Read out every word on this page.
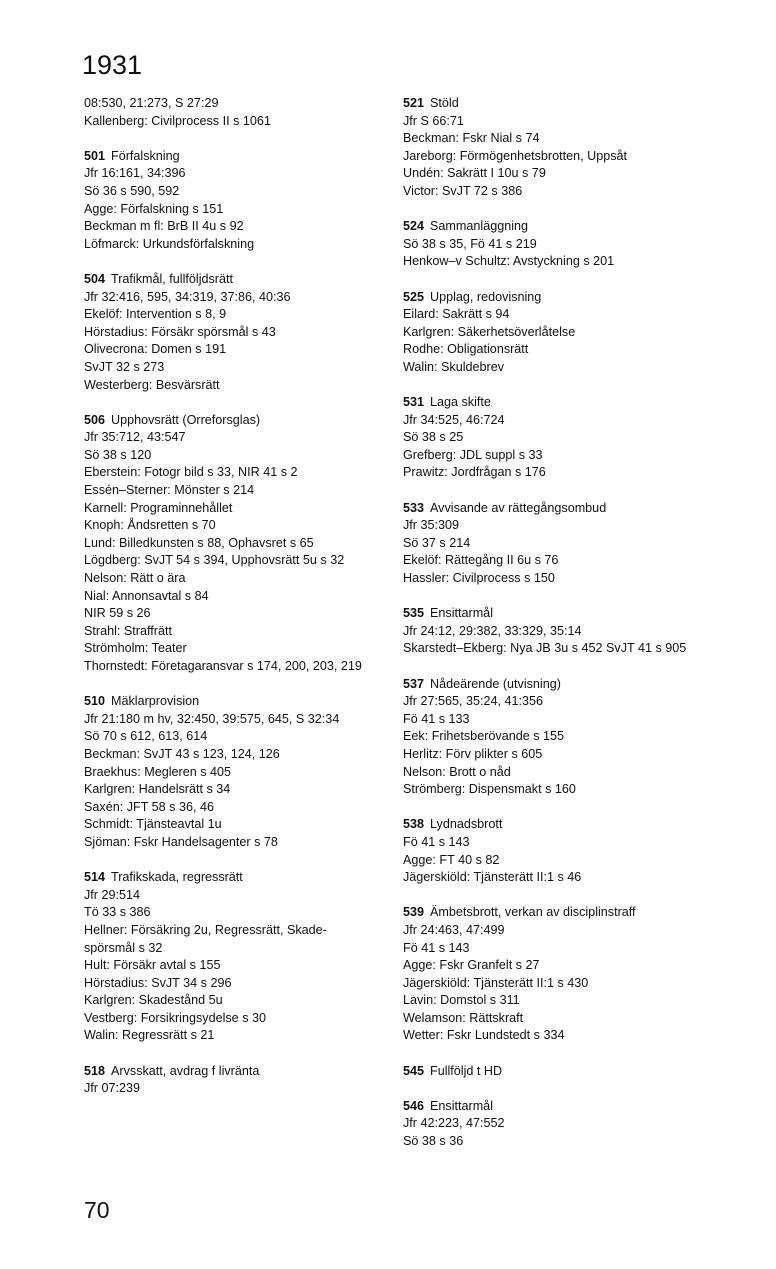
1931
08:530, 21:273, S 27:29
Kallenberg: Civilprocess II s 1061
501 Förfalskning
Jfr 16:161, 34:396
Sö 36 s 590, 592
Agge: Förfalskning s 151
Beckman m fl: BrB II 4u s 92
Löfmarck: Urkundsförfalskning
504 Trafikmål, fullföljdsrätt
Jfr 32:416, 595, 34:319, 37:86, 40:36
Ekelöf: Intervention s 8, 9
Hörstadius: Försäkr spörsmål s 43
Olivecrona: Domen s 191
SvJT 32 s 273
Westerberg: Besvärsrätt
506 Upphovsrätt (Orreforsglas)
Jfr 35:712, 43:547
Sö 38 s 120
Eberstein: Fotogr bild s 33, NIR 41 s 2
Essén–Sterner: Mönster s 214
Karnell: Programinnehållet
Knoph: Åndsretten s 70
Lund: Billedkunsten s 88, Ophavsret s 65
Lögdberg: SvJT 54 s 394, Upphovsrätt 5u s 32
Nelson: Rätt o ära
Nial: Annonsavtal s 84
NIR 59 s 26
Strahl: Straffrätt
Strömholm: Teater
Thornstedt: Företagaransvar s 174, 200, 203, 219
510 Mäklarprovision
Jfr 21:180 m hv, 32:450, 39:575, 645, S 32:34
Sö 70 s 612, 613, 614
Beckman: SvJT 43 s 123, 124, 126
Braekhus: Megleren s 405
Karlgren: Handelsrätt s 34
Saxén: JFT 58 s 36, 46
Schmidt: Tjänsteavtal 1u
Sjöman: Fskr Handelsagenter s 78
514 Trafikskada, regressrätt
Jfr 29:514
Tö 33 s 386
Hellner: Försäkring 2u, Regressrätt, Skade-spörsmål s 32
Hult: Försäkr avtal s 155
Hörstadius: SvJT 34 s 296
Karlgren: Skadestånd 5u
Vestberg: Forsikringsydelse s 30
Walin: Regressrätt s 21
518 Arvsskatt, avdrag f livränta
Jfr 07:239
521 Stöld
Jfr S 66:71
Beckman: Fskr Nial s 74
Jareborg: Förmögenhetsbrotten, Uppsåt
Undén: Sakrätt I 10u s 79
Victor: SvJT 72 s 386
524 Sammanläggning
Sö 38 s 35, Fö 41 s 219
Henkow–v Schultz: Avstyckning s 201
525 Upplag, redovisning
Eilard: Sakrätt s 94
Karlgren: Säkerhetsöverlåtelse
Rodhe: Obligationsrätt
Walin: Skuldebrev
531 Laga skifte
Jfr 34:525, 46:724
Sö 38 s 25
Grefberg: JDL suppl s 33
Prawitz: Jordfrågan s 176
533 Avvisande av rättegångsombud
Jfr 35:309
Sö 37 s 214
Ekelöf: Rättegång II 6u s 76
Hassler: Civilprocess s 150
535 Ensittarmål
Jfr 24:12, 29:382, 33:329, 35:14
Skarstedt–Ekberg: Nya JB 3u s 452 SvJT 41 s 905
537 Nådeärende (utvisning)
Jfr 27:565, 35:24, 41:356
Fö 41 s 133
Eek: Frihetsberövande s 155
Herlitz: Förv plikter s 605
Nelson: Brott o nåd
Strömberg: Dispensmakt s 160
538 Lydnadsbrott
Fö 41 s 143
Agge: FT 40 s 82
Jägerskiöld: Tjänsterätt II:1 s 46
539 Ämbetsbrott, verkan av disciplinstraff
Jfr 24:463, 47:499
Fö 41 s 143
Agge: Fskr Granfelt s 27
Jägerskiöld: Tjänsterätt II:1 s 430
Lavin: Domstol s 311
Welamson: Rättskraft
Wetter: Fskr Lundstedt s 334
545 Fullföljd t HD
546 Ensittarmål
Jfr 42:223, 47:552
Sö 38 s 36
70
